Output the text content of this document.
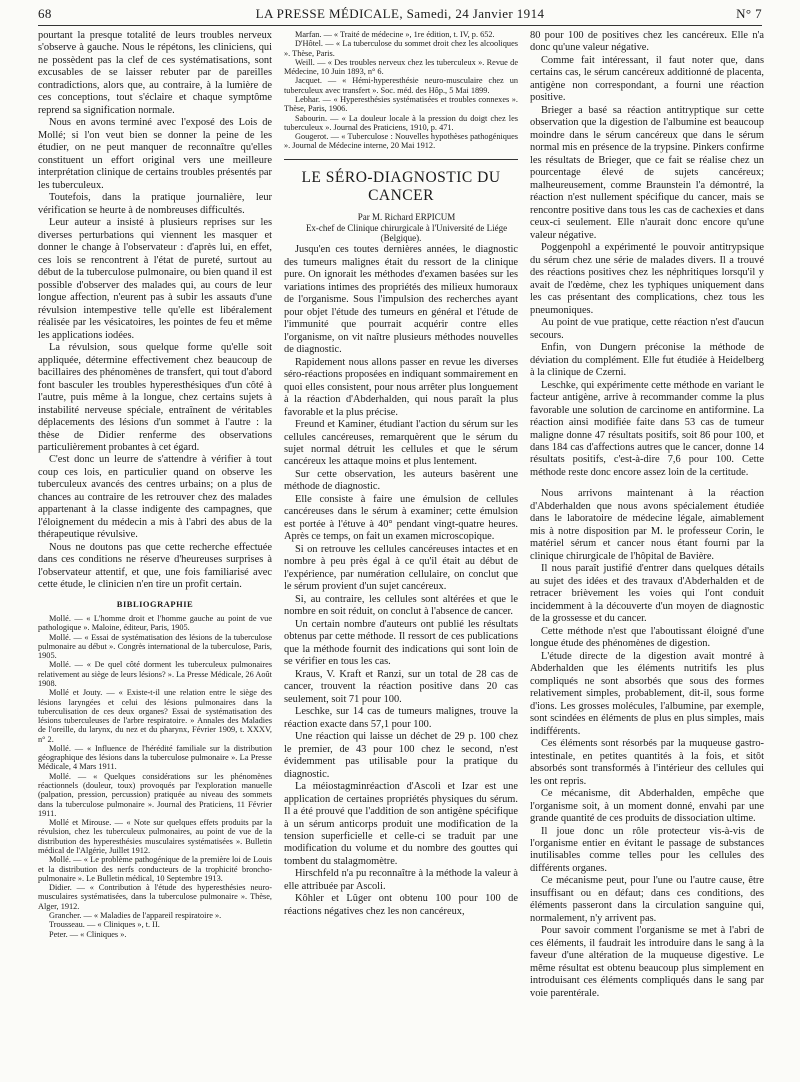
68	LA PRESSE MÉDICALE, Samedi, 24 Janvier 1914	N° 7

pourtant la presque totalité de leurs troubles nerveux s'observe à gauche. Nous le répétons, les cliniciens, qui ne possèdent pas la clef de ces systématisations, sont excusables de se laisser rebuter par de pareilles contradictions, alors que, au contraire, à la lumière de ces conceptions, tout s'éclaire et chaque symptôme reprend sa signification normale.

Nous en avons terminé avec l'exposé des Lois de Mollé; si l'on veut bien se donner la peine de les étudier, on ne peut manquer de reconnaître qu'elles constituent un effort original vers une meilleure interprétation clinique de certains troubles présentés par les tuberculeux.

Toutefois, dans la pratique journalière, leur vérification se heurte à de nombreuses difficultés.

Leur auteur a insisté à plusieurs reprises sur les diverses perturbations qui viennent les masquer et donner le change à l'observateur : d'après lui, en effet, ces lois se rencontrent à l'état de pureté, surtout au début de la tuberculose pulmonaire, ou bien quand il est possible d'observer des malades qui, au cours de leur longue affection, n'eurent pas à subir les assauts d'une révulsion intempestive telle qu'elle est libéralement réalisée par les vésicatoires, les pointes de feu et même les applications iodées.

La révulsion, sous quelque forme qu'elle soit appliquée, détermine effectivement chez beaucoup de bacillaires des phénomènes de transfert, qui tout d'abord font basculer les troubles hyperesthésiques d'un côté à l'autre, puis même à la longue, chez certains sujets à instabilité nerveuse spéciale, entraînent de véritables déplacements des lésions d'un sommet à l'autre : la thèse de Didier renferme des observations particulièrement probantes à cet égard.

C'est donc un leurre de s'attendre à vérifier à tout coup ces lois, en particulier quand on observe les tuberculeux avancés des centres urbains; on a plus de chances au contraire de les retrouver chez des malades appartenant à la classe indigente des campagnes, que l'éloignement du médecin a mis à l'abri des abus de la thérapeutique révulsive.

Nous ne doutons pas que cette recherche effectuée dans ces conditions ne réserve d'heureuses surprises à l'observateur attentif, et que, une fois familiarisé avec cette étude, le clinicien n'en tire un profit certain.

BIBLIOGRAPHIE

Mollé. — « L'homme droit et l'homme gauche au point de vue pathologique ». Maloine, éditeur, Paris, 1905.

Mollé. — « Essai de systématisation des lésions de la tuberculose pulmonaire au début ». Congrès international de la tuberculose, Paris, 1905.

Mollé. — « De quel côté dorment les tuberculeux pulmonaires relativement au siège de leurs lésions? ». La Presse Médicale, 26 Août 1908.

Mollé et Jouty. — « Existe-t-il une relation entre le siège des lésions laryngées et celui des lésions pulmonaires dans la tuberculisation de ces deux organes? Essai de systématisation des lésions tuberculeuses de l'arbre respiratoire. » Annales des Maladies de l'oreille, du larynx, du nez et du pharynx, Février 1909, t. XXXV, n° 2.

Mollé. — « Influence de l'hérédité familiale sur la distribution géographique des lésions dans la tuberculose pulmonaire ». La Presse Médicale, 4 Mars 1911.

Mollé. — « Quelques considérations sur les phénomènes réactionnels (douleur, toux) provoqués par l'exploration manuelle (palpation, pression, percussion) pratiquée au niveau des sommets dans la tuberculose pulmonaire ». Journal des Praticiens, 11 Février 1911.

Mollé et Mirouse. — « Note sur quelques effets produits par la révulsion, chez les tuberculeux pulmonaires, au point de vue de la distribution des hyperesthésies musculaires systématisées ». Bulletin médical de l'Algérie, Juillet 1912.

Mollé. — « Le problème pathogénique de la première loi de Louis et la distribution des nerfs conducteurs de la trophicité broncho-pulmonaire ». Le Bulletin médical, 10 Septembre 1913.

Didier. — « Contribution à l'étude des hyperesthésies neuro-musculaires systématisées, dans la tuberculose pulmonaire ». Thèse, Alger, 1912.

Grancher. — « Maladies de l'appareil respiratoire ».

Trousseau. — « Cliniques », t. II.

Peter. — « Cliniques ».

Marfan. — « Traité de médecine », 1re édition, t. IV, p. 652.

D'Hôtel. — « La tuberculose du sommet droit chez les alcooliques ». Thèse, Paris.

Weill. — « Des troubles nerveux chez les tuberculeux ». Revue de Médecine, 10 Juin 1893, n° 6.

Jacquet. — « Hémi-hyperesthésie neuro-musculaire chez un tuberculeux avec transfert ». Soc. méd. des Hôp., 5 Mai 1899.

Lebhar. — « Hyperesthésies systématisées et troubles connexes ». Thèse, Paris, 1906.

Sabourin. — « La douleur locale à la pression du doigt chez les tuberculeux ». Journal des Praticiens, 1910, p. 471.

Gougerot. — « Tuberculose : Nouvelles hypothèses pathogéniques ». Journal de Médecine interne, 20 Mai 1912.

LE SÉRO-DIAGNOSTIC DU CANCER

Par M. Richard ERPICUM

Ex-chef de Clinique chirurgicale à l'Université de Liége (Belgique).

Jusqu'en ces toutes dernières années, le diagnostic des tumeurs malignes était du ressort de la clinique pure. On ignorait les méthodes d'examen basées sur les variations intimes des propriétés des milieux humoraux de l'organisme. Sous l'impulsion des recherches ayant pour objet l'étude des tumeurs en général et l'étude de l'immunité que pourrait acquérir contre elles l'organisme, on vit naître plusieurs méthodes nouvelles de diagnostic.

Rapidement nous allons passer en revue les diverses séro-réactions proposées en indiquant sommairement en quoi elles consistent, pour nous arrêter plus longuement à la réaction d'Abderhalden, qui nous paraît la plus favorable et la plus précise.

Freund et Kaminer, étudiant l'action du sérum sur les cellules cancéreuses, remarquèrent que le sérum du sujet normal détruit les cellules et que le sérum cancéreux les attaque moins et plus lentement.

Sur cette observation, les auteurs basèrent une méthode de diagnostic.

Elle consiste à faire une émulsion de cellules cancéreuses dans le sérum à examiner; cette émulsion est portée à l'étuve à 40° pendant vingt-quatre heures. Après ce temps, on fait un examen microscopique.

Si on retrouve les cellules cancéreuses intactes et en nombre à peu près égal à ce qu'il était au début de l'expérience, par numération cellulaire, on conclut que le sérum provient d'un sujet cancéreux.

Si, au contraire, les cellules sont altérées et que le nombre en soit réduit, on conclut à l'absence de cancer.

Un certain nombre d'auteurs ont publié les résultats obtenus par cette méthode. Il ressort de ces publications que la méthode fournit des indications qui sont loin de se vérifier en tous les cas.

Kraus, V. Kraft et Ranzi, sur un total de 28 cas de cancer, trouvent la réaction positive dans 20 cas seulement, soit 71 pour 100.

Leschke, sur 14 cas de tumeurs malignes, trouve la réaction exacte dans 57,1 pour 100.

Une réaction qui laisse un déchet de 29 p. 100 chez le premier, de 43 pour 100 chez le second, n'est évidemment pas utilisable pour la pratique du diagnostic.

La méiostagminréaction d'Ascoli et Izar est une application de certaines propriétés physiques du sérum. Il a été prouvé que l'addition de son antigène spécifique à un sérum anticorps produit une modification de la tension superficielle et celle-ci se traduit par une modification du volume et du nombre des gouttes qui tombent du stalagmomètre.

Hirschfeld n'a pu reconnaître à la méthode la valeur à elle attribuée par Ascoli.

Kôhler et Lûger ont obtenu 100 pour 100 de réactions négatives chez les non cancéreux,

80 pour 100 de positives chez les cancéreux. Elle n'a donc qu'une valeur négative.

Comme fait intéressant, il faut noter que, dans certains cas, le sérum cancéreux additionné de placenta, antigène non correspondant, a fourni une réaction positive.

Brieger a basé sa réaction antitryptique sur cette observation que la digestion de l'albumine est beaucoup moindre dans le sérum cancéreux que dans le sérum normal mis en présence de la trypsine. Pinkers confirme les résultats de Brieger, que ce fait se réalise chez un pourcentage élevé de sujets cancéreux; malheureusement, comme Braunstein l'a démontré, la réaction n'est nullement spécifique du cancer, mais se rencontre positive dans tous les cas de cachexies et dans ceux-ci seulement. Elle n'aurait donc encore qu'une valeur négative.

Poggenpohl a expérimenté le pouvoir antitrypsique du sérum chez une série de malades divers. Il a trouvé des réactions positives chez les néphritiques lorsqu'il y avait de l'œdème, chez les typhiques uniquement dans les cas présentant des complications, chez tous les pneumoniques.

Au point de vue pratique, cette réaction n'est d'aucun secours.

Enfin, von Dungern préconise la méthode de déviation du complément. Elle fut étudiée à Heidelberg à la clinique de Czerni.

Leschke, qui expérimente cette méthode en variant le facteur antigène, arrive à recommander comme la plus favorable une solution de carcinome en antiformine. La réaction ainsi modifiée faite dans 53 cas de tumeur maligne donne 47 résultats positifs, soit 86 pour 100, et dans 184 cas d'affections autres que le cancer, donne 14 résultats positifs, c'est-à-dire 7,6 pour 100. Cette méthode reste donc encore assez loin de la certitude.

Nous arrivons maintenant à la réaction d'Abderhalden que nous avons spécialement étudiée dans le laboratoire de médecine légale, aimablement mis à notre disposition par M. le professeur Corin, le matériel sérum et cancer nous étant fourni par la clinique chirurgicale de l'hôpital de Bavière.

Il nous paraît justifié d'entrer dans quelques détails au sujet des idées et des travaux d'Abderhalden et de retracer brièvement les voies qui l'ont conduit incidemment à la découverte d'un moyen de diagnostic de la grossesse et du cancer.

Cette méthode n'est que l'aboutissant éloigné d'une longue étude des phénomènes de digestion.

L'étude directe de la digestion avait montré à Abderhalden que les éléments nutritifs les plus compliqués ne sont absorbés que sous des formes relativement simples, probablement, dit-il, sous forme d'ions. Les grosses molécules, l'albumine, par exemple, sont scindées en éléments de plus en plus simples, mais indifférents.

Ces éléments sont résorbés par la muqueuse gastro-intestinale, en petites quantités à la fois, et sitôt absorbés sont transformés à l'intérieur des cellules qui les ont repris.

Ce mécanisme, dit Abderhalden, empêche que l'organisme soit, à un moment donné, envahi par une grande quantité de ces produits de dissociation ultime.

Il joue donc un rôle protecteur vis-à-vis de l'organisme entier en évitant le passage de substances inutilisables comme telles pour les cellules des différents organes.

Ce mécanisme peut, pour l'une ou l'autre cause, être insuffisant ou en défaut; dans ces conditions, des éléments passeront dans la circulation sanguine qui, normalement, n'y arrivent pas.

Pour savoir comment l'organisme se met à l'abri de ces éléments, il faudrait les introduire dans le sang à la faveur d'une altération de la muqueuse digestive. Le même résultat est obtenu beaucoup plus simplement en introduisant ces éléments compliqués dans le sang par voie parentérale.
